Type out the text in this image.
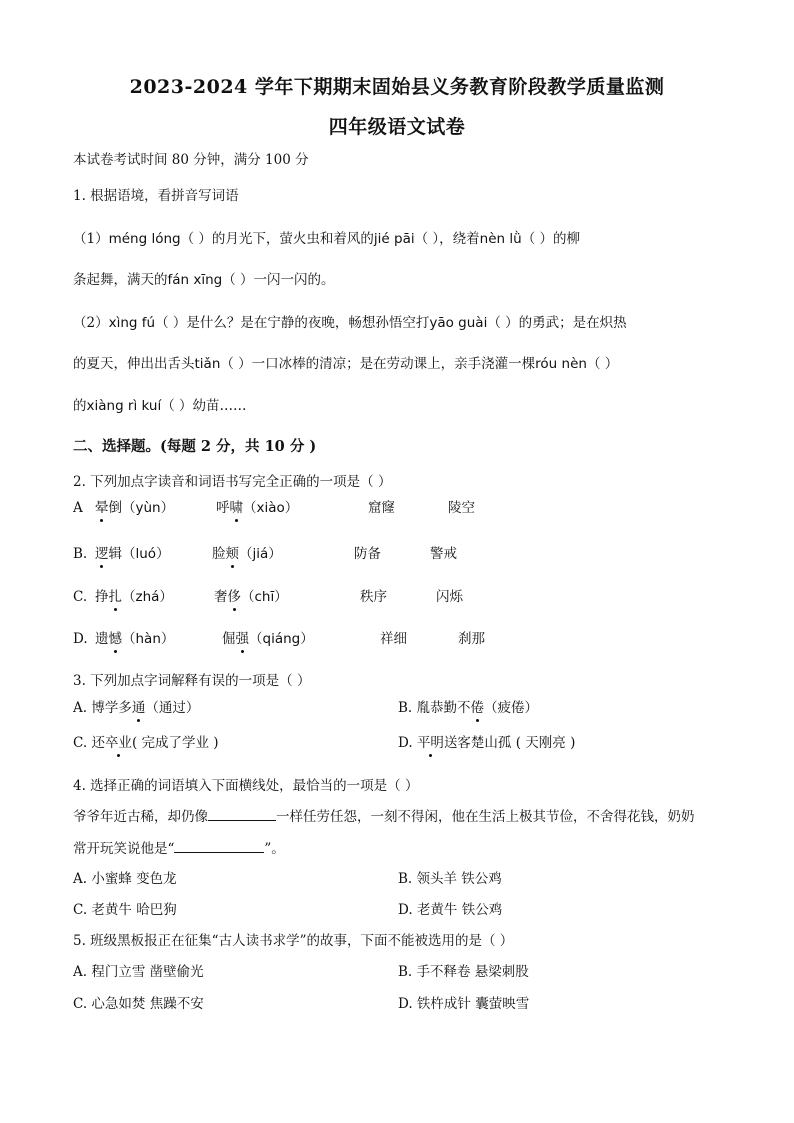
2023-2024 学年下期期末固始县义务教育阶段教学质量监测
四年级语文试卷
本试卷考试时间 80 分钟，满分 100 分
1. 根据语境，看拼音写词语
（1）méng lóng（ ）的月光下，萤火虫和着风的jié pāi（ ），绕着nèn lǜ（ ）的柳
条起舞，满天的fán xīng（ ）一闪一闪的。
（2）xìng fú（ ）是什么？是在宁静的夜晚，畅想孙悟空打yāo guài（ ）的勇武；是在炽热
的夏天，伸出出舌头tiǎn（ ）一口冰棒的清凉；是在劳动课上，亲手浇灌一棵róu nèn（ ）
的xiàng rì kuí（ ）幼苗……
二、选择题。(每题 2 分，共 10 分 )
2. 下列加点字读音和词语书写完全正确的一项是（ ）
A 晕倒（yùn）	呼啸（xiào）	窟窿	陵空
B. 逻辑（luó）	脸颊（jiá）	防备	警戒
C. 挣扎（zhá）	奢侈（chī）	秩序	闪烁
D. 遗憾（hàn）	倔强（qiáng）	祥细	刹那
3. 下列加点字词解释有误的一项是（ ）
A. 博学多通（通过）	B. 胤恭勤不倦（疲倦）
C. 还卒业( 完成了学业 )	D. 平明送客楚山孤 ( 天刚亮 )
4. 选择正确的词语填入下面横线处，最恰当的一项是（ ）
爷爷年近古稀，却仍像	一样任劳任怨，一刻不得闲，他在生活上极其节俭，不舍得花钱，奶奶
常开玩笑说他是“	”。
A. 小蜜蜂 变色龙	B. 领头羊 铁公鸡
C. 老黄牛 哈巴狗	D. 老黄牛 铁公鸡
5. 班级黑板报正在征集“古人读书求学”的故事，下面不能被选用的是（ ）
A. 程门立雪 凿壁偷光	B. 手不释卷 悬梁刺股
C. 心急如焚 焦躁不安	D. 铁杵成针 囊萤映雪
